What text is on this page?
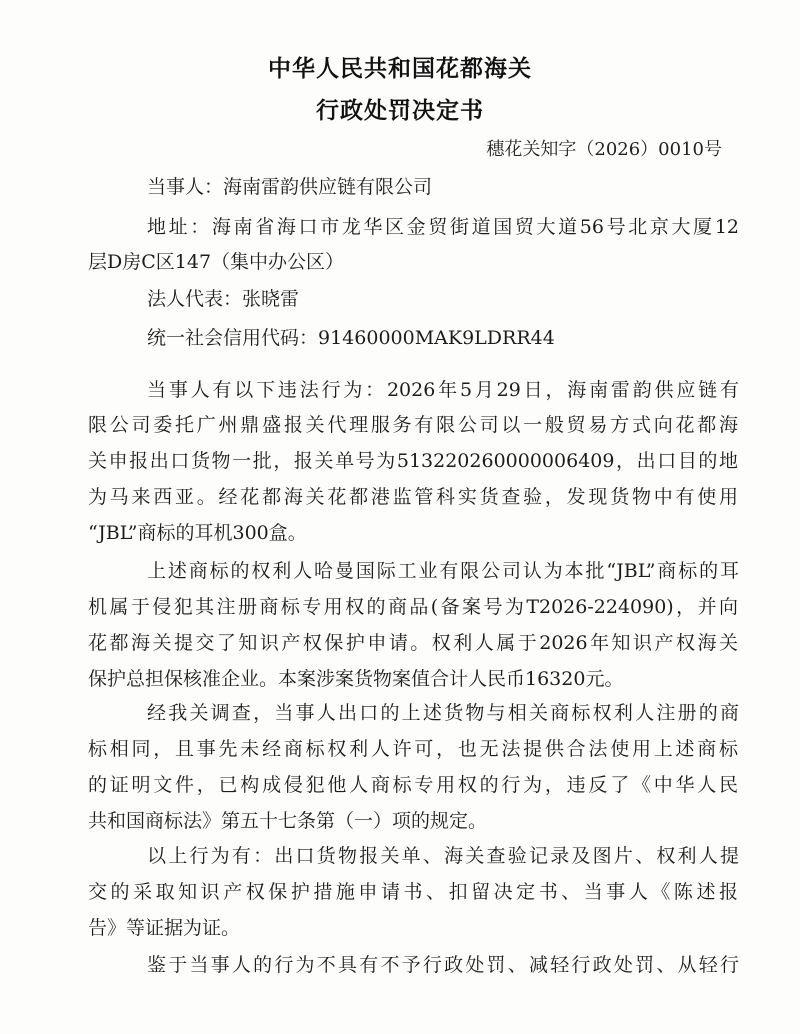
中华人民共和国花都海关
行政处罚决定书
穗花关知字（2026）0010号
当事人：海南雷韵供应链有限公司
地址：海南省海口市龙华区金贸街道国贸大道56号北京大厦12
层D房C区147（集中办公区）
法人代表：张晓雷
统一社会信用代码：91460000MAK9LDRR44
当事人有以下违法行为：2026年5月29日，海南雷韵供应链有
限公司委托广州鼎盛报关代理服务有限公司以一般贸易方式向花都海
关申报出口货物一批，报关单号为513220260000006409，出口目的地
为马来西亚。经花都海关花都港监管科实货查验，发现货物中有使用
“JBL”商标的耳机300盒。
上述商标的权利人哈曼国际工业有限公司认为本批“JBL”商标的耳
机属于侵犯其注册商标专用权的商品(备案号为T2026-224090)，并向
花都海关提交了知识产权保护申请。权利人属于2026年知识产权海关
保护总担保核准企业。本案涉案货物案值合计人民币16320元。
经我关调查，当事人出口的上述货物与相关商标权利人注册的商
标相同，且事先未经商标权利人许可，也无法提供合法使用上述商标
的证明文件，已构成侵犯他人商标专用权的行为，违反了《中华人民
共和国商标法》第五十七条第（一）项的规定。
以上行为有：出口货物报关单、海关查验记录及图片、权利人提
交的采取知识产权保护措施申请书、扣留决定书、当事人《陈述报
告》等证据为证。
鉴于当事人的行为不具有不予行政处罚、减轻行政处罚、从轻行
